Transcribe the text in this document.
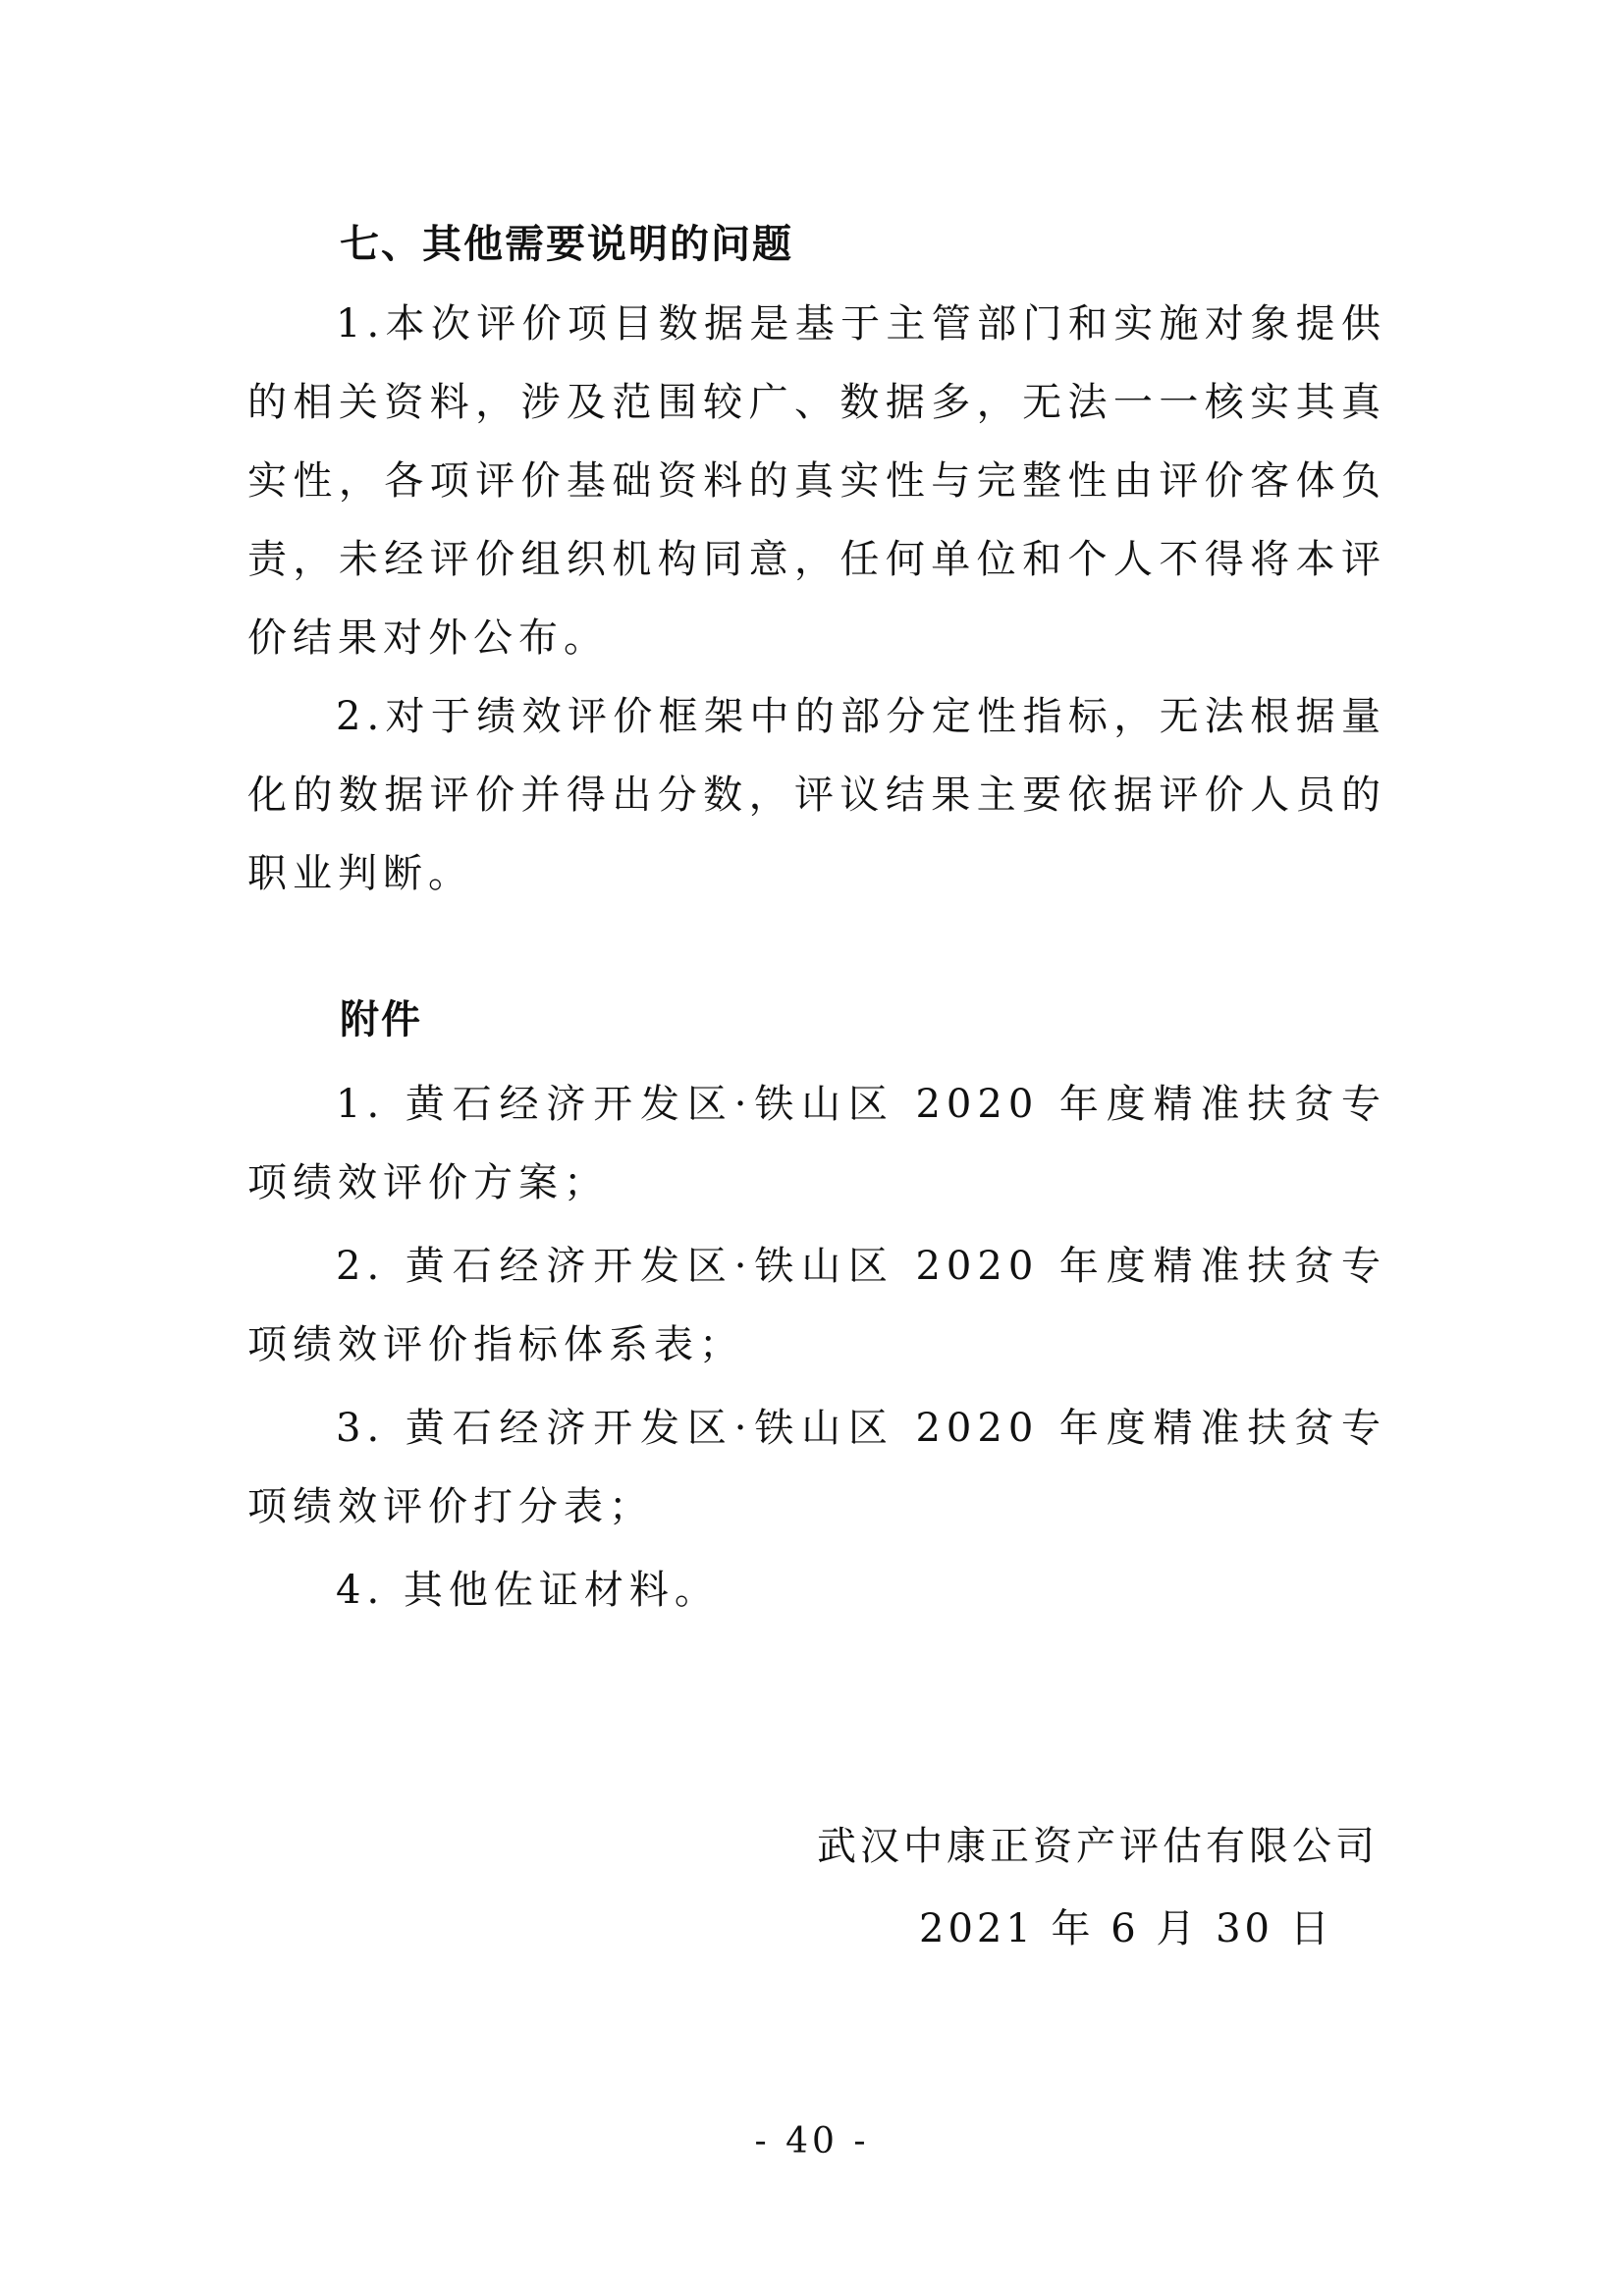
七、其他需要说明的问题

1.本次评价项目数据是基于主管部门和实施对象提供的相关资料，涉及范围较广、数据多，无法一一核实其真实性，各项评价基础资料的真实性与完整性由评价客体负责，未经评价组织机构同意，任何单位和个人不得将本评价结果对外公布。

2.对于绩效评价框架中的部分定性指标，无法根据量化的数据评价并得出分数，评议结果主要依据评价人员的职业判断。

附件

1. 黄石经济开发区·铁山区 2020 年度精准扶贫专项绩效评价方案；

2. 黄石经济开发区·铁山区 2020 年度精准扶贫专项绩效评价指标体系表；

3. 黄石经济开发区·铁山区 2020 年度精准扶贫专项绩效评价打分表；

4. 其他佐证材料。

武汉中康正资产评估有限公司
2021 年 6 月 30 日
- 40 -
